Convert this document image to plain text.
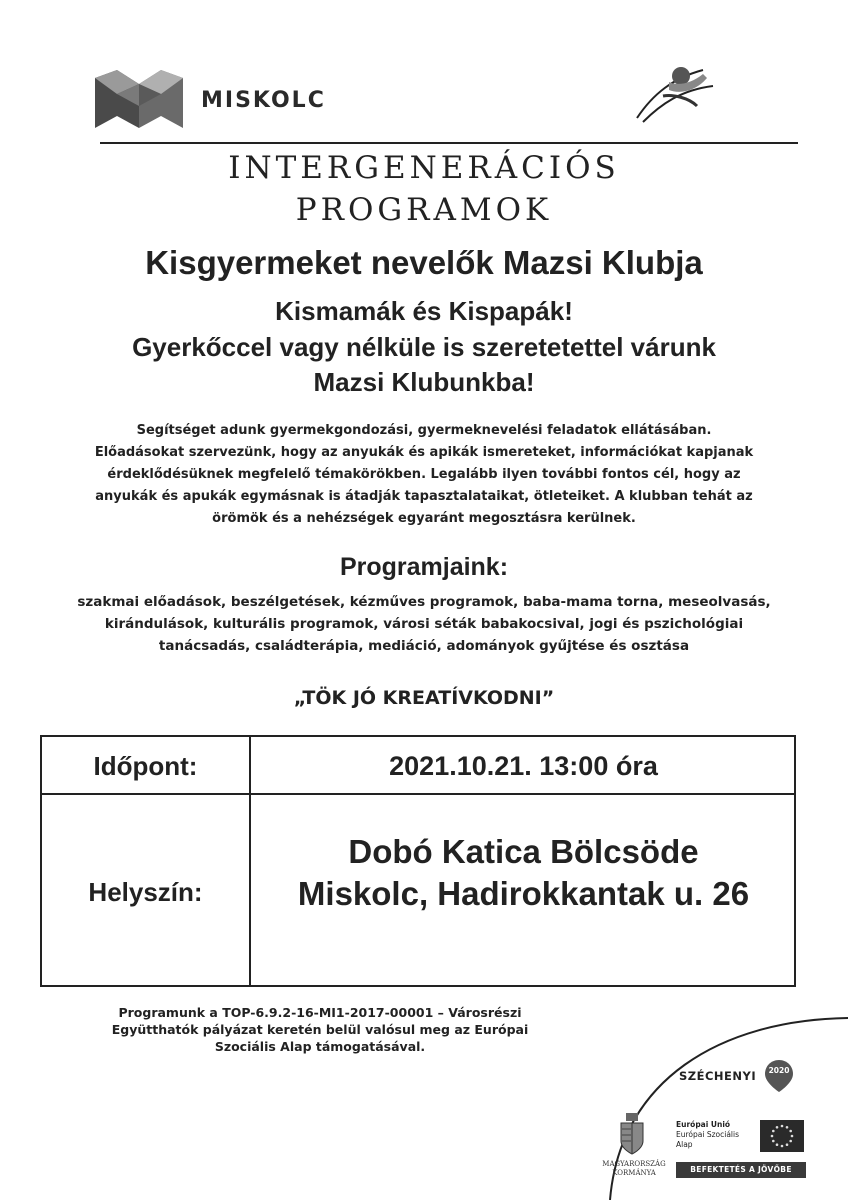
MISKOLC
INTERGENERÁCIÓS
PROGRAMOK
Kisgyermeket nevelők Mazsi Klubja
Kismamák és Kispapák!
Gyerkőccel vagy nélküle is szeretetettel várunk
Mazsi Klubunkba!
Segítséget adunk gyermekgondozási, gyermeknevelési feladatok ellátásában.
Előadásokat szervezünk, hogy az anyukák és apikák ismereteket, információkat kapjanak
érdeklődésüknek megfelelő témakörökben. Legalább ilyen további fontos cél, hogy az
anyukák és apukák egymásnak is átadják tapasztalataikat, ötleteiket. A klubban tehát az
örömök és a nehézségek egyaránt megosztásra kerülnek.
Programjaink:
szakmai előadások, beszélgetések, kézműves programok, baba-mama torna, meseolvasás,
kirándulások, kulturális programok, városi séták babakocsival, jogi és pszichológiai
tanácsadás, családterápia, mediáció, adományok gyűjtése és osztása
„TÖK JÓ KREATÍVKODNI”
Időpont:	2021.10.21. 13:00 óra
Helyszín:
Dobó Katica Bölcsöde
Miskolc, Hadirokkantak u. 26
Programunk a TOP-6.9.2-16-MI1-2017-00001 – Városrészi
Együtthatók pályázat keretén belül valósul meg az Európai
Szociális Alap támogatásával.
SZÉCHENYI	2020
MAGYARORSZÁG
KORMÁNYA
Európai Unió
Európai Szociális
Alap
BEFEKTETÉS A JÖVŐBE
